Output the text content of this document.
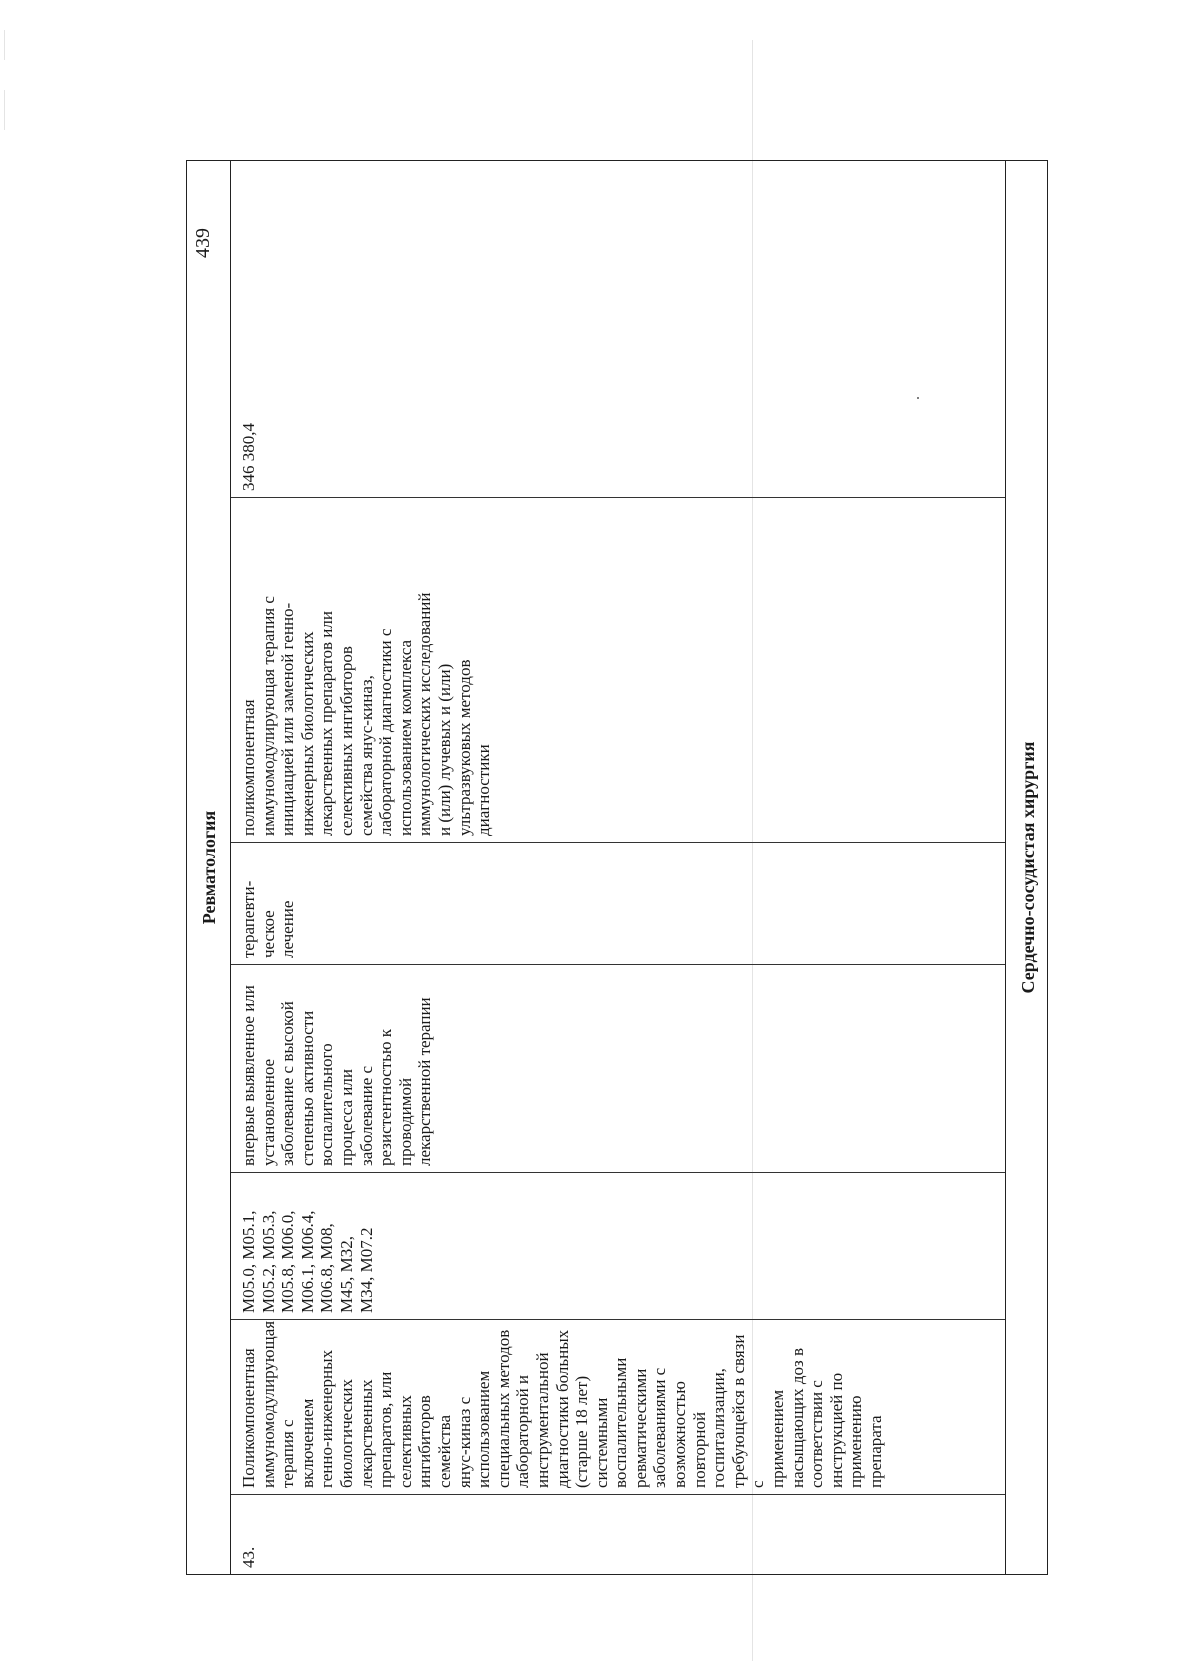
439
Ревматология
43.
Поликомпонентная
иммуномодулирующая
терапия с включением
генно-инженерных
биологических
лекарственных
препаратов, или
селективных
ингибиторов семейства
янус-киназ с
использованием
специальных методов
лабораторной и
инструментальной
диагностики больных
(старше 18 лет)
системными
воспалительными
ревматическими
заболеваниями с
возможностью
повторной
госпитализации,
требующейся в связи с
применением
насыщающих доз в
соответствии с
инструкцией по
применению препарата
M05.0, M05.1,
M05.2, M05.3,
M05.8, M06.0,
M06.1, M06.4,
M06.8, M08,
M45, M32,
M34, M07.2
впервые выявленное или
установленное
заболевание с высокой
степенью активности
воспалительного
процесса или
заболевание с
резистентностью к
проводимой
лекарственной терапии
терапевти-
ческое
лечение
поликомпонентная
иммуномодулирующая терапия с
инициацией или заменой генно-
инженерных биологических
лекарственных препаратов или
селективных ингибиторов
семейства янус-киназ,
лабораторной диагностики с
использованием комплекса
иммунологических исследований
и (или) лучевых и (или)
ультразвуковых методов
диагностики
346 380,4
Сердечно-сосудистая хирургия
